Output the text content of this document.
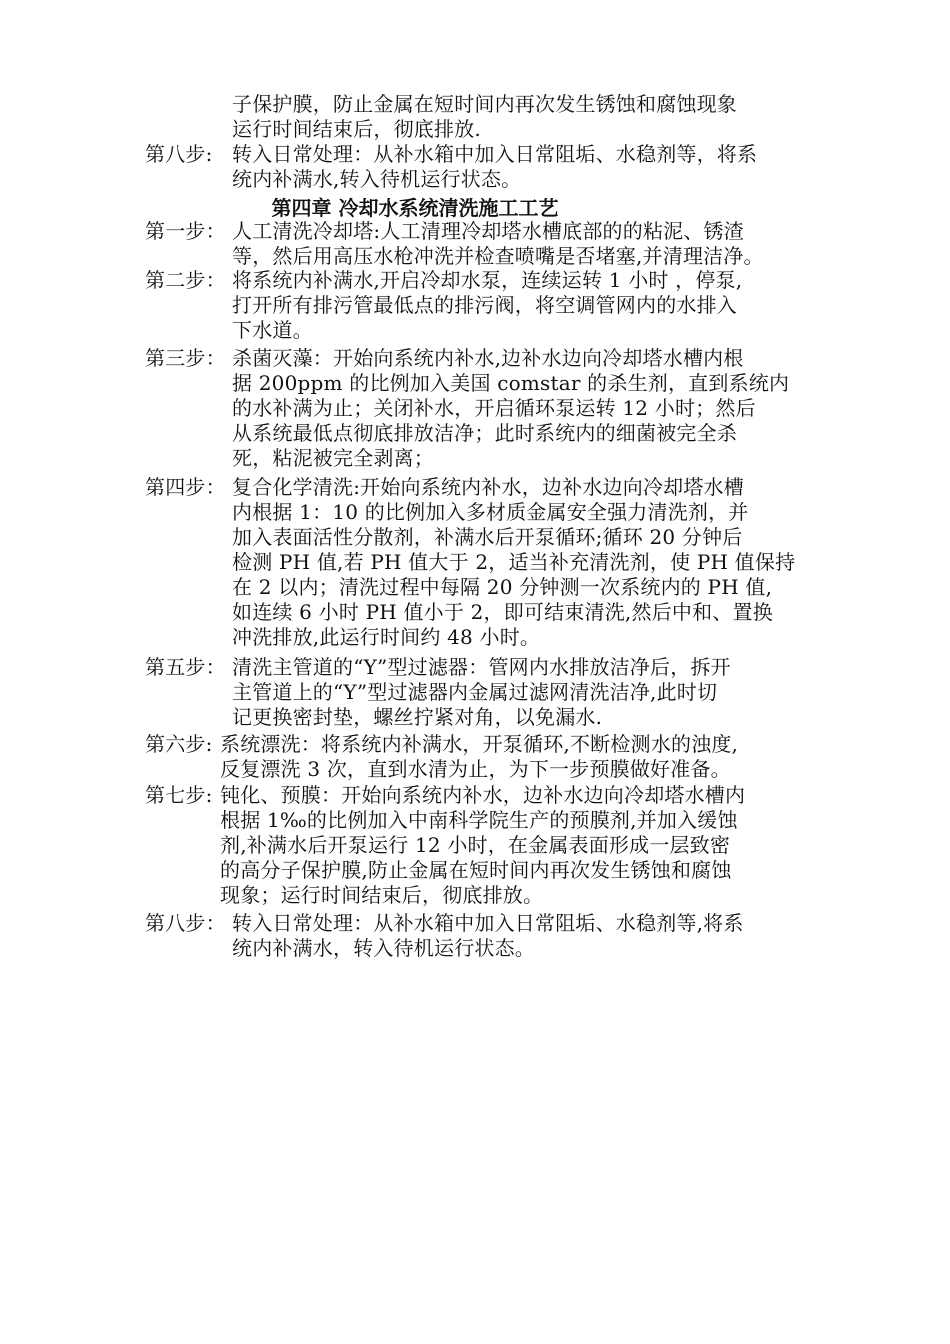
子保护膜，防止金属在短时间内再次发生锈蚀和腐蚀现象
运行时间结束后，彻底排放.
第八步: 转入日常处理：从补水箱中加入日常阻垢、水稳剂等，将系
统内补满水,转入待机运行状态。
第四章 冷却水系统清洗施工工艺
第一步： 人工清洗冷却塔:人工清理冷却塔水槽底部的的粘泥、锈渣
等，然后用高压水枪冲洗并检查喷嘴是否堵塞,并清理洁净。
第二步： 将系统内补满水,开启冷却水泵，连续运转 1 小时 ，停泵,
打开所有排污管最低点的排污阀，将空调管网内的水排入
下水道。
第三步： 杀菌灭藻：开始向系统内补水,边补水边向冷却塔水槽内根
据 200ppm 的比例加入美国 comstar 的杀生剂，直到系统内
的水补满为止；关闭补水，开启循环泵运转 12 小时；然后
从系统最低点彻底排放洁净；此时系统内的细菌被完全杀
死，粘泥被完全剥离；
第四步： 复合化学清洗:开始向系统内补水，边补水边向冷却塔水槽
内根据 1：10 的比例加入多材质金属安全强力清洗剂，并
加入表面活性分散剂，补满水后开泵循环;循环 20 分钟后
检测 PH 值,若 PH 值大于 2，适当补充清洗剂，使 PH 值保持
在 2 以内；清洗过程中每隔 20 分钟测一次系统内的 PH 值,
如连续 6 小时 PH 值小于 2，即可结束清洗,然后中和、置换
冲洗排放,此运行时间约 48 小时。
第五步： 清洗主管道的“Y”型过滤器：管网内水排放洁净后，拆开
主管道上的“Y”型过滤器内金属过滤网清洗洁净,此时切
记更换密封垫，螺丝拧紧对角，以免漏水.
第六步: 系统漂洗：将系统内补满水，开泵循环,不断检测水的浊度,
反复漂洗 3 次，直到水清为止，为下一步预膜做好准备。
第七步: 钝化、预膜：开始向系统内补水，边补水边向冷却塔水槽内
根据 1‰的比例加入中南科学院生产的预膜剂,并加入缓蚀
剂,补满水后开泵运行 12 小时，在金属表面形成一层致密
的高分子保护膜,防止金属在短时间内再次发生锈蚀和腐蚀
现象；运行时间结束后，彻底排放。
第八步： 转入日常处理：从补水箱中加入日常阻垢、水稳剂等,将系
统内补满水，转入待机运行状态。
